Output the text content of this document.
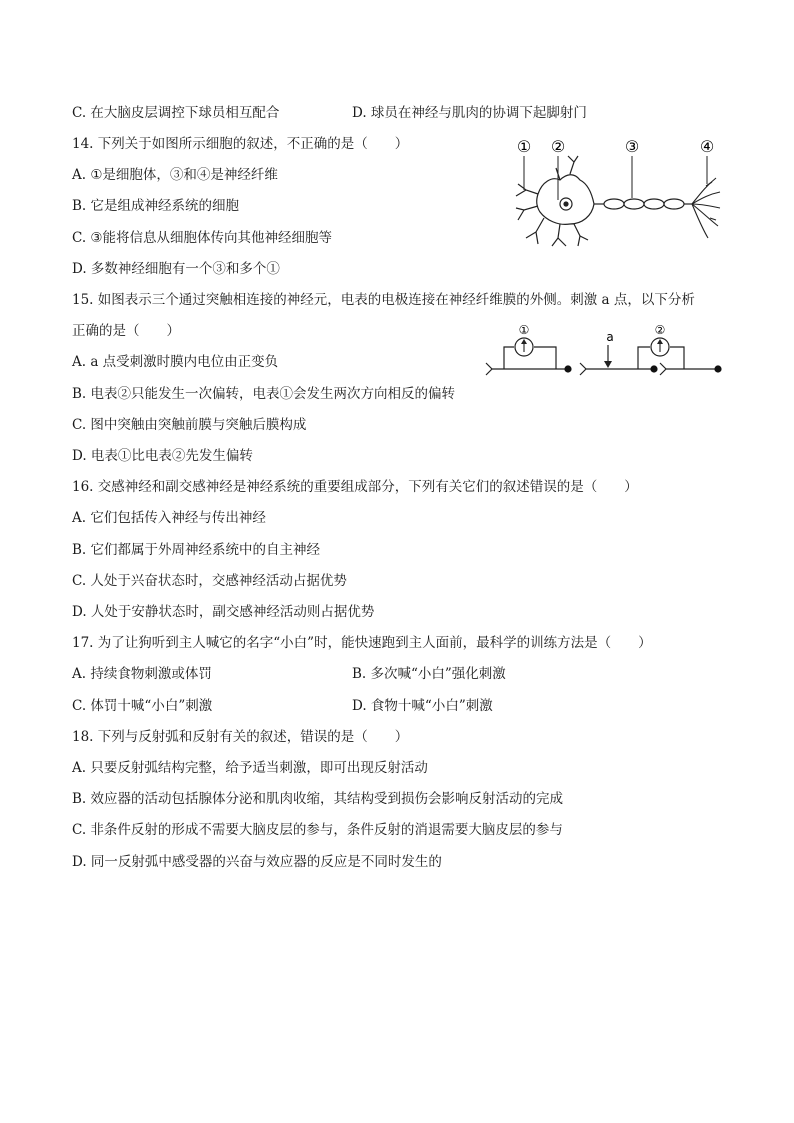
C. 在大脑皮层调控下球员相互配合	D. 球员在神经与肌肉的协调下起脚射门
14. 下列关于如图所示细胞的叙述，不正确的是（　　）
A. ①是细胞体，③和④是神经纤维
B. 它是组成神经系统的细胞
C. ③能将信息从细胞体传向其他神经细胞等
D. 多数神经细胞有一个③和多个①
① ②	③	④
15. 如图表示三个通过突触相连接的神经元，电表的电极连接在神经纤维膜的外侧。刺激 a 点，以下分析
正确的是（　　）
A. a 点受刺激时膜内电位由正变负
B. 电表②只能发生一次偏转，电表①会发生两次方向相反的偏转
C. 图中突触由突触前膜与突触后膜构成
D. 电表①比电表②先发生偏转
①	②
a
16. 交感神经和副交感神经是神经系统的重要组成部分，下列有关它们的叙述错误的是（　　）
A. 它们包括传入神经与传出神经
B. 它们都属于外周神经系统中的自主神经
C. 人处于兴奋状态时，交感神经活动占据优势
D. 人处于安静状态时，副交感神经活动则占据优势
17. 为了让狗听到主人喊它的名字“小白”时，能快速跑到主人面前，最科学的训练方法是（　　）
A. 持续食物刺激或体罚	B. 多次喊“小白”强化刺激
C. 体罚十喊“小白”刺激	D. 食物十喊“小白”刺激
18. 下列与反射弧和反射有关的叙述，错误的是（　　）
A. 只要反射弧结构完整，给予适当刺激，即可出现反射活动
B. 效应器的活动包括腺体分泌和肌肉收缩，其结构受到损伤会影响反射活动的完成
C. 非条件反射的形成不需要大脑皮层的参与，条件反射的消退需要大脑皮层的参与
D. 同一反射弧中感受器的兴奋与效应器的反应是不同时发生的
